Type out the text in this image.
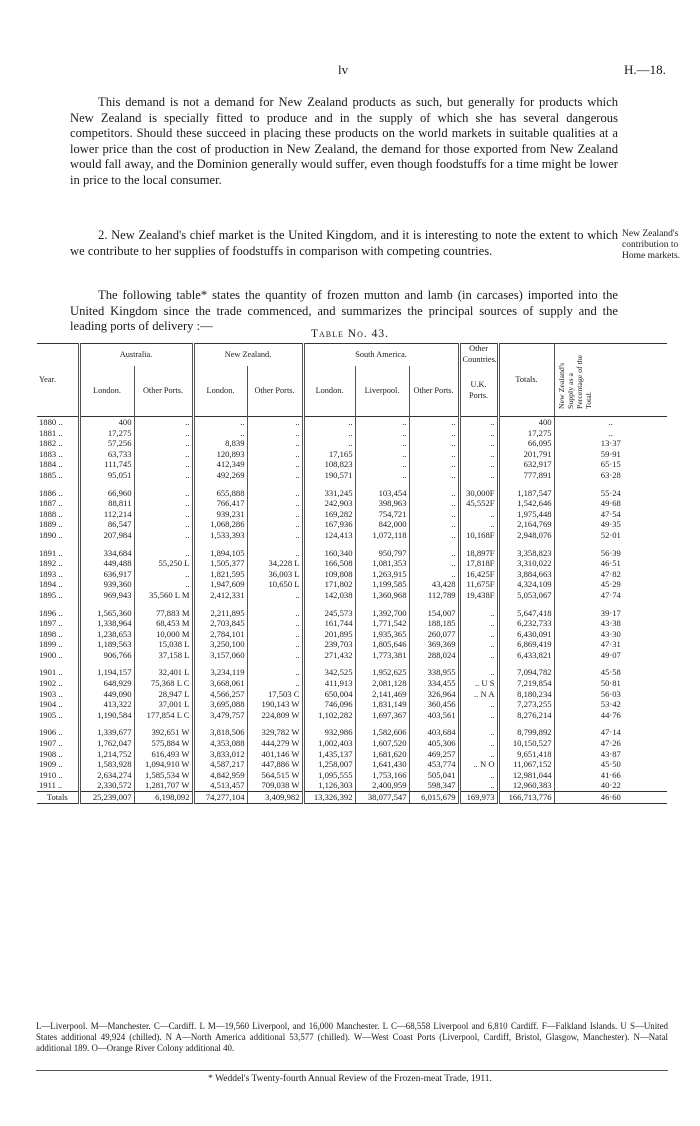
lv	H.—18.

This demand is not a demand for New Zealand products as such, but generally for products which New Zealand is specially fitted to produce and in the supply of which she has several dangerous competitors. Should these succeed in placing these products on the world markets in suitable qualities at a lower price than the cost of production in New Zealand, the demand for those exported from New Zealand would fall away, and the Dominion generally would suffer, even though foodstuffs for a time might be lower in price to the local consumer.

2. New Zealand's chief market is the United Kingdom, and it is interesting to note the extent to which we contribute to her supplies of foodstuffs in comparison with competing countries.

The following table* states the quantity of frozen mutton and lamb (in carcases) imported into the United Kingdom since the trade commenced, and summarizes the principal sources of supply and the leading ports of delivery :—

New Zealand's contribution to Home markets.
Table No. 43.
Year.	Australia.		New Zealand.		South America.			Other Countries.	Totals.	New Zealand's Supply as a Percentage of the Total.
	London.	Other Ports.	London.	Other Ports.	London.	Liverpool.	Other Ports.	U.K. Ports.		
1880 ..	400	..	..	..	..	..	..	..	400	..
1881 ..	17,275	..	..	..	..	..	..	..	17,275	..
1882 ..	57,256	..	8,839	..	..	..	..	..	66,095	13·37
1883 ..	63,733	..	120,893	..	17,165	..	..	..	201,791	59·91
1884 ..	111,745	..	412,349	..	108,823	..	..	..	632,917	65·15
1885 ..	95,051	..	492,269	..	190,571	..	..	..	777,891	63·28

1886 ..	66,960	..	655,888	..	331,245	103,454	..	30,000F	1,187,547	55·24
1887 ..	88,811	..	766,417	..	242,903	398,963	..	45,552F	1,542,646	49·68
1888 ..	112,214	..	939,231	..	169,282	754,721	..	..	1,975,448	47·54
1889 ..	86,547	..	1,068,286	..	167,936	842,000	..	..	2,164,769	49·35
1890 ..	207,984	..	1,533,393	..	124,413	1,072,118	..	10,168F	2,948,076	52·01

1891 ..	334,684	..	1,894,105	..	160,340	950,797	..	18,897F	3,358,823	56·39
1892 ..	449,488	55,250 L	1,505,377	34,228 L	166,508	1,081,353	..	17,818F	3,310,022	46·51
1893 ..	636,917	..	1,821,595	36,003 L	109,808	1,263,915	..	16,425F	3,884,663	47·82
1894 ..	939,360	..	1,947,609	10,650 L	171,802	1,199,585	43,428	11,675F	4,324,109	45·29
1895 ..	969,943	35,560 L M	2,412,331	..	142,038	1,360,968	112,789	19,438F	5,053,067	47·74

1896 ..	1,565,360	77,883 M	2,211,895	..	245,573	1,392,700	154,007	..	5,647,418	39·17
1897 ..	1,338,964	68,453 M	2,703,845	..	161,744	1,771,542	188,185	..	6,232,733	43·38
1898 ..	1,238,653	10,000 M	2,784,101	..	201,895	1,935,365	260,077	..	6,430,091	43·30
1899 ..	1,189,563	15,038 L	3,250,100	..	239,703	1,805,646	369,369	..	6,869,419	47·31
1900 ..	906,766	37,158 L	3,157,060	..	271,432	1,773,381	288,024	..	6,433,821	49·07

1901 ..	1,194,157	32,401 L	3,234,119	..	342,525	1,952,625	338,955	..	7,094,782	45·58
1902 ..	648,929	75,368 L C	3,668,061	..	411,913	2,081,128	334,455	.. U S	7,219,854	50·81
1903 ..	449,090	28,947 L	4,566,257	17,503 C	650,004	2,141,469	326,964	.. N A	8,180,234	56·03
1904 ..	413,322	37,001 L	3,695,088	190,143 W	746,096	1,831,149	360,456	..	7,273,255	53·42
1905 ..	1,190,584	177,854 L C	3,479,757	224,809 W	1,102,282	1,697,367	403,561	..	8,276,214	44·76

1906 ..	1,339,677	392,651 W	3,818,506	329,782 W	932,986	1,582,606	403,684	..	8,799,892	47·14
1907 ..	1,762,047	575,884 W	4,353,088	444,279 W	1,002,403	1,607,520	405,306	..	10,150,527	47·26
1908 ..	1,214,752	616,493 W	3,833,012	401,146 W	1,435,137	1,681,620	469,257	..	9,651,418	43·87
1909 ..	1,583,928	1,094,910 W	4,587,217	447,886 W	1,258,007	1,641,430	453,774	.. N O	11,067,152	45·50
1910 ..	2,634,274	1,585,534 W	4,842,959	564,515 W	1,095,555	1,753,166	505,041	..	12,981,044	41·66
1911 ..	2,330,572	1,281,707 W	4,513,457	709,038 W	1,126,303	2,400,959	598,347	..	12,960,383	40·22
Totals	25,239,007	6,198,092	74,277,104	3,409,982	13,326,392	38,077,547	6,015,679	169,973	166,713,776	46·60

L—Liverpool. M—Manchester. C—Cardiff. L M—19,560 Liverpool, and 16,000 Manchester. L C—68,558 Liverpool and 6,810 Cardiff. F—Falkland Islands. U S—United States additional 49,924 (chilled). N A—North America additional 53,577 (chilled). W—West Coast Ports (Liverpool, Cardiff, Bristol, Glasgow, Manchester). N—Natal additional 189. O—Orange River Colony additional 40.

* Weddel's Twenty-fourth Annual Review of the Frozen-meat Trade, 1911.
